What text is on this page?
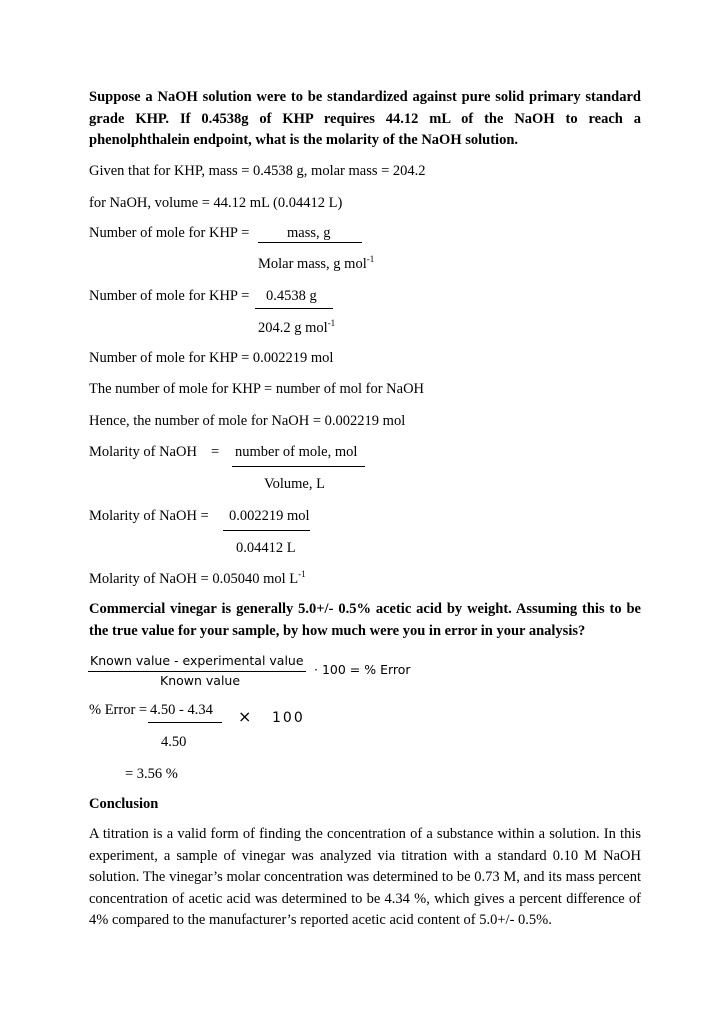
Suppose a NaOH solution were to be standardized against pure solid primary standard grade KHP. If 0.4538g of KHP requires 44.12 mL of the NaOH to reach a phenolphthalein endpoint, what is the molarity of the NaOH solution.
Given that for KHP, mass = 0.4538 g, molar mass = 204.2
for NaOH, volume = 44.12 mL (0.04412 L)
Number of mole for KHP =	mass, g
Molar mass, g mol$^{-1}$
Number of mole for KHP = 0.4538 g
204.2 g mol$^{-1}$
Number of mole for KHP = 0.002219 mol
The number of mole for KHP = number of mol for NaOH
Hence, the number of mole for NaOH = 0.002219 mol
Molarity of NaOH = number of mole, mol
Volume, L
Molarity of NaOH = 0.002219 mol
0.04412 L
Molarity of NaOH = 0.05040 mol $L^{-1}$
Commercial vinegar is generally 5.0+/- 0.5% acetic acid by weight. Assuming this to be the true value for your sample, by how much were you in error in your analysis?
Known value - experimental value
Known value
· 100 = % Error
% Error = 4.50 - 4.34
4.50
× 100
= 3.56 %
Conclusion
A titration is a valid form of finding the concentration of a substance within a solution. In this experiment, a sample of vinegar was analyzed via titration with a standard 0.10 M NaOH solution. The vinegar’s molar concentration was determined to be 0.73 M, and its mass percent concentration of acetic acid was determined to be 4.34 %, which gives a percent difference of 4% compared to the manufacturer’s reported acetic acid content of 5.0+/- 0.5%.
